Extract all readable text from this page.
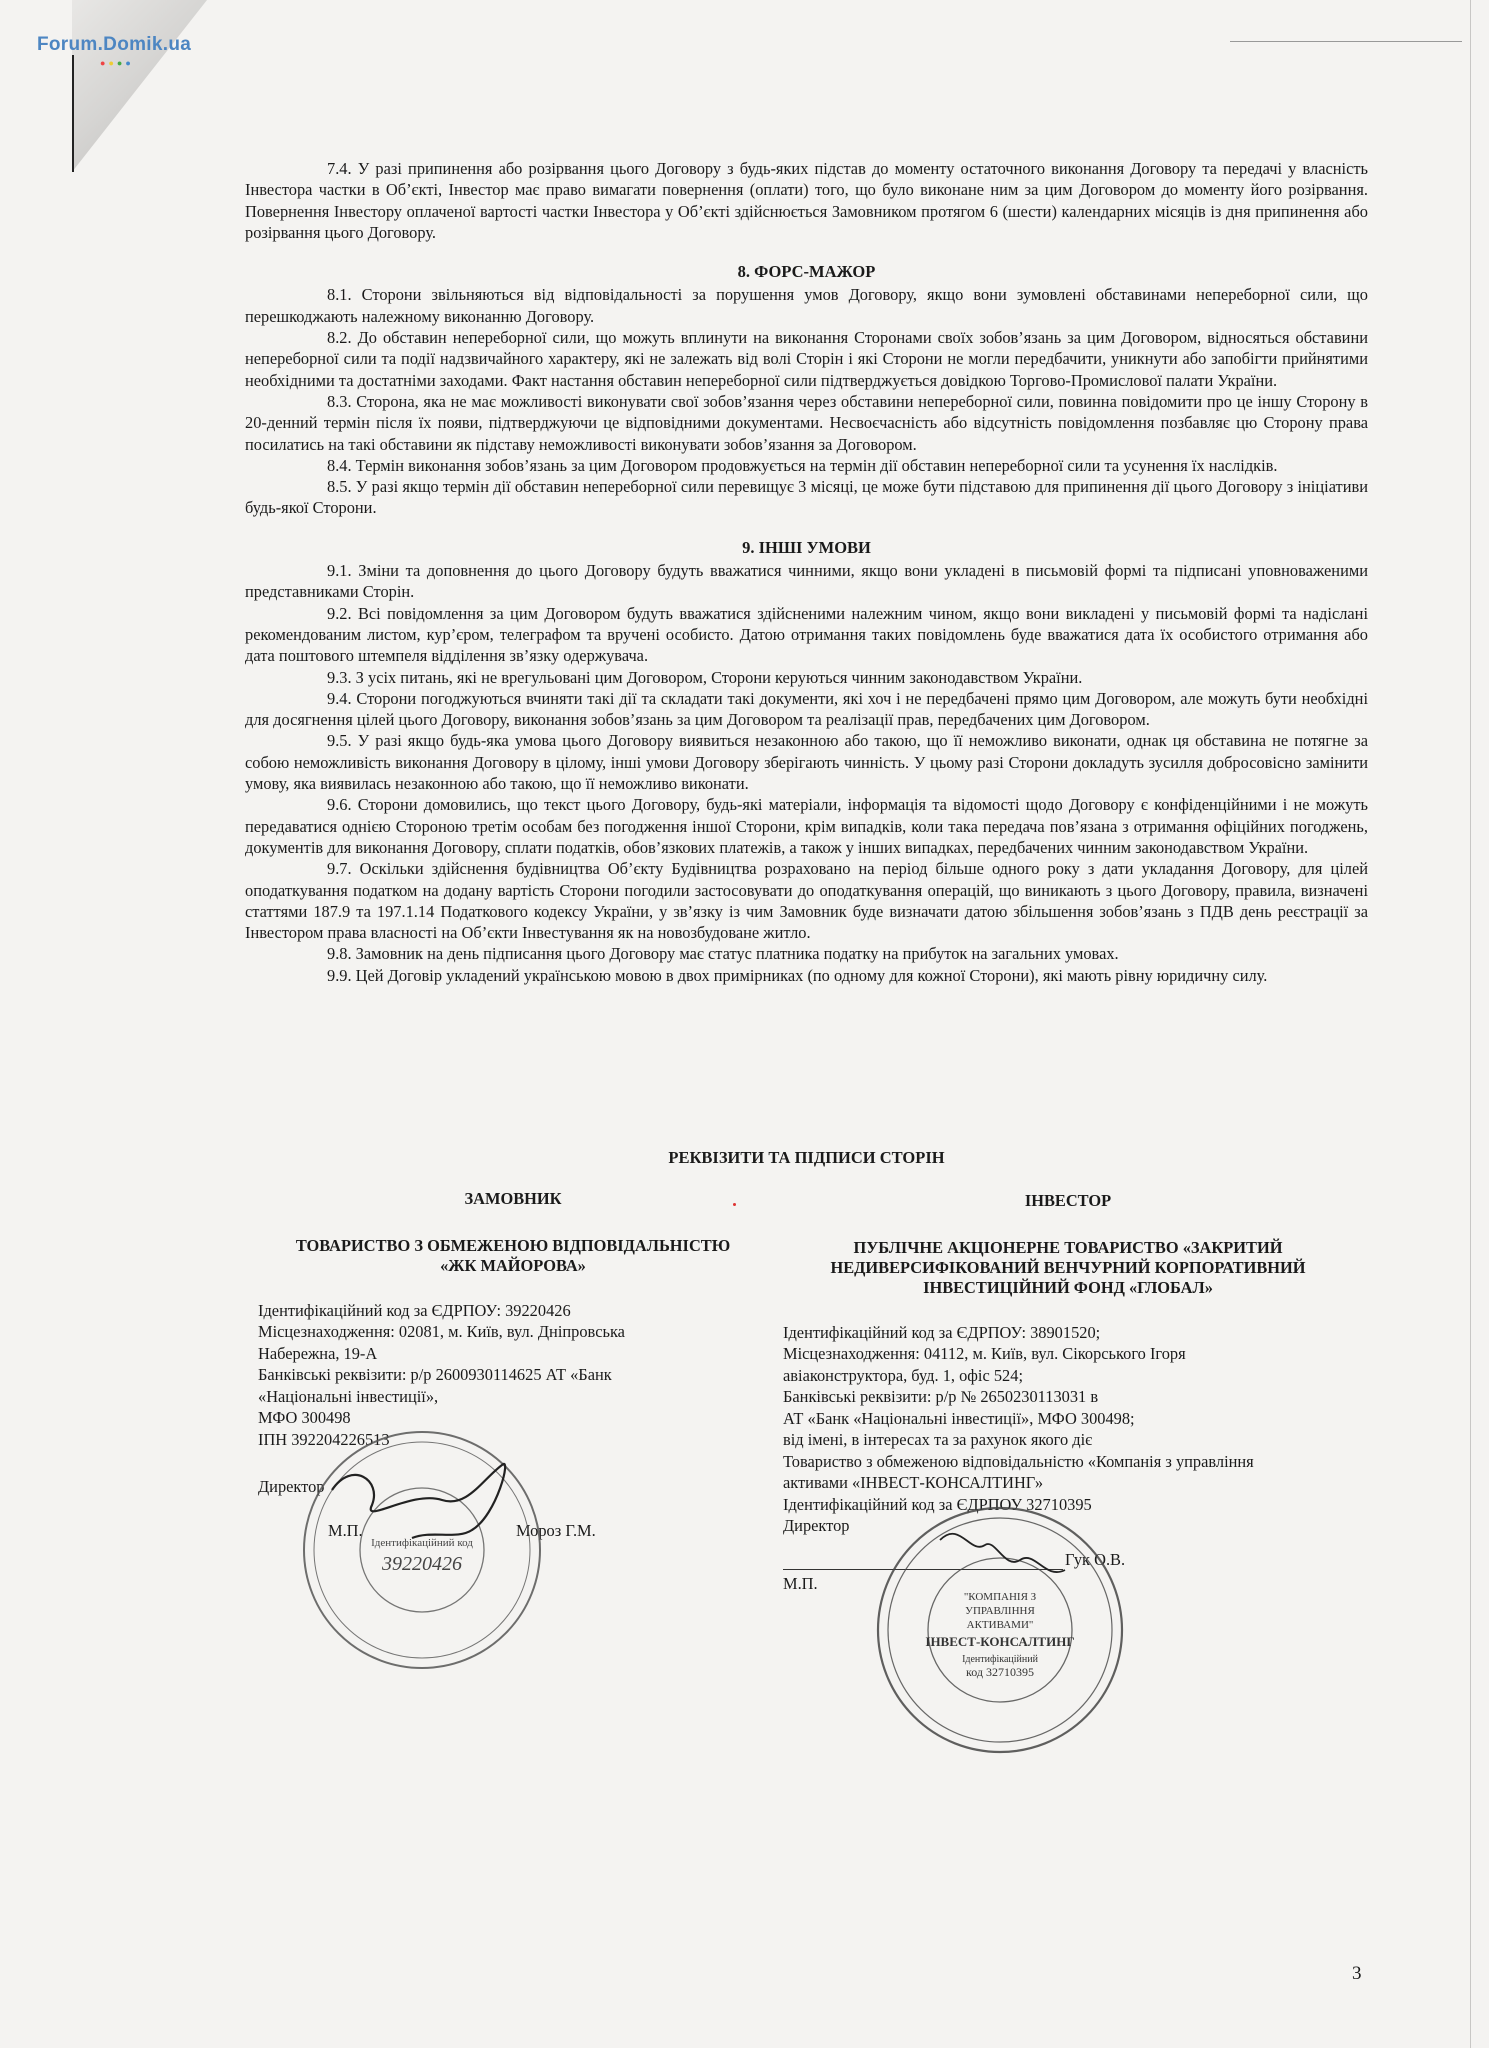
Forum.Domik.ua
●●●●

7.4. У разі припинення або розірвання цього Договору з будь-яких підстав до моменту остаточного виконання Договору та передачі у власність Інвестора частки в Об’єкті, Інвестор має право вимагати повернення (оплати) того, що було виконане ним за цим Договором до моменту його розірвання. Повернення Інвестору оплаченої вартості частки Інвестора у Об’єкті здійснюється Замовником протягом 6 (шести) календарних місяців із дня припинення або розірвання цього Договору.

8. ФОРС-МАЖОР

8.1. Сторони звільняються від відповідальності за порушення умов Договору, якщо вони зумовлені обставинами непереборної сили, що перешкоджають належному виконанню Договору.

8.2. До обставин непереборної сили, що можуть вплинути на виконання Сторонами своїх зобов’язань за цим Договором, відносяться обставини непереборної сили та події надзвичайного характеру, які не залежать від волі Сторін і які Сторони не могли передбачити, уникнути або запобігти прийнятими необхідними та достатніми заходами. Факт настання обставин непереборної сили підтверджується довідкою Торгово-Промислової палати України.

8.3. Сторона, яка не має можливості виконувати свої зобов’язання через обставини непереборної сили, повинна повідомити про це іншу Сторону в 20-денний термін після їх появи, підтверджуючи це відповідними документами. Несвоєчасність або відсутність повідомлення позбавляє цю Сторону права посилатись на такі обставини як підставу неможливості виконувати зобов’язання за Договором.

8.4. Термін виконання зобов’язань за цим Договором продовжується на термін дії обставин непереборної сили та усунення їх наслідків.

8.5. У разі якщо термін дії обставин непереборної сили перевищує 3 місяці, це може бути підставою для припинення дії цього Договору з ініціативи будь-якої Сторони.

9. ІНШІ УМОВИ

9.1. Зміни та доповнення до цього Договору будуть вважатися чинними, якщо вони укладені в письмовій формі та підписані уповноваженими представниками Сторін.

9.2. Всі повідомлення за цим Договором будуть вважатися здійсненими належним чином, якщо вони викладені у письмовій формі та надіслані рекомендованим листом, кур’єром, телеграфом та вручені особисто. Датою отримання таких повідомлень буде вважатися дата їх особистого отримання або дата поштового штемпеля відділення зв’язку одержувача.

9.3. З усіх питань, які не врегульовані цим Договором, Сторони керуються чинним законодавством України.

9.4. Сторони погоджуються вчиняти такі дії та складати такі документи, які хоч і не передбачені прямо цим Договором, але можуть бути необхідні для досягнення цілей цього Договору, виконання зобов’язань за цим Договором та реалізації прав, передбачених цим Договором.

9.5. У разі якщо будь-яка умова цього Договору виявиться незаконною або такою, що її неможливо виконати, однак ця обставина не потягне за собою неможливість виконання Договору в цілому, інші умови Договору зберігають чинність. У цьому разі Сторони докладуть зусилля добросовісно замінити умову, яка виявилась незаконною або такою, що її неможливо виконати.

9.6. Сторони домовились, що текст цього Договору, будь-які матеріали, інформація та відомості щодо Договору є конфіденційними і не можуть передаватися однією Стороною третім особам без погодження іншої Сторони, крім випадків, коли така передача пов’язана з отримання офіційних погоджень, документів для виконання Договору, сплати податків, обов’язкових платежів, а також у інших випадках, передбачених чинним законодавством України.

9.7. Оскільки здійснення будівництва Об’єкту Будівництва розраховано на період більше одного року з дати укладання Договору, для цілей оподаткування податком на додану вартість Сторони погодили застосовувати до оподаткування операцій, що виникають з цього Договору, правила, визначені статтями 187.9 та 197.1.14 Податкового кодексу України, у зв’язку із чим Замовник буде визначати датою збільшення зобов’язань з ПДВ день реєстрації за Інвестором права власності на Об’єкти Інвестування як на новозбудоване житло.

9.8. Замовник на день підписання цього Договору має статус платника податку на прибуток на загальних умовах.

9.9. Цей Договір укладений українською мовою в двох примірниках (по одному для кожної Сторони), які мають рівну юридичну силу.

РЕКВІЗИТИ ТА ПІДПИСИ СТОРІН
ЗАМОВНИК
ТОВАРИСТВО З ОБМЕЖЕНОЮ ВІДПОВІДАЛЬНІСТЮ
«ЖК МАЙОРОВА»
Ідентифікаційний код за ЄДРПОУ: 39220426
Місцезнаходження: 02081, м. Київ, вул. Дніпровська
Набережна, 19-А
Банківські реквізити: р/р 2600930114625 АТ «Банк
«Національні інвестиції»,
МФО 300498
ІПН 392204226513
Директор
М.П.	Мороз Г.М.
ІНВЕСТОР
ПУБЛІЧНЕ АКЦІОНЕРНЕ ТОВАРИСТВО «ЗАКРИТИЙ
НЕДИВЕРСИФІКОВАНИЙ ВЕНЧУРНИЙ КОРПОРАТИВНИЙ
ІНВЕСТИЦІЙНИЙ ФОНД «ГЛОБАЛ»
Ідентифікаційний код за ЄДРПОУ: 38901520;
Місцезнаходження: 04112, м. Київ, вул. Сікорського Ігоря
авіаконструктора, буд. 1, офіс 524;
Банківські реквізити: р/р № 2650230113031 в
АТ «Банк «Національні інвестиції», МФО 300498;
від імені, в інтересах та за рахунок якого діє
Товариство з обмеженою відповідальністю «Компанія з управління
активами «ІНВЕСТ-КОНСАЛТИНГ»
Ідентифікаційний код за ЄДРПОУ 32710395
Директор
Гук О.В.
М.П.
Ідентифікаційний код
39220426
"КОМПАНІЯ З
УПРАВЛІННЯ
АКТИВАМИ"
ІНВЕСТ-КОНСАЛТИНГ
Ідентифікаційний
код 32710395
3
